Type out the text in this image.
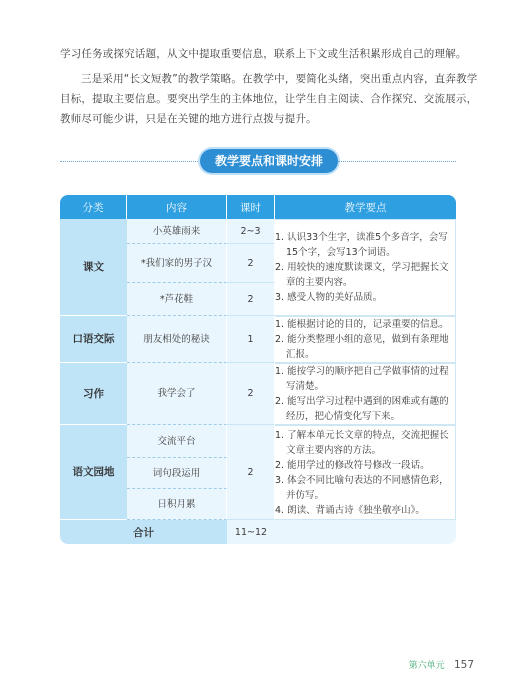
学习任务或探究话题，从文中提取重要信息，联系上下文或生活积累形成自己的理解。
三是采用“长文短教”的教学策略。在教学中，要简化头绪，突出重点内容，直奔教学目标，提取主要信息。要突出学生的主体地位，让学生自主阅读、合作探究、交流展示，教师尽可能少讲，只是在关键的地方进行点拨与提升。
教学要点和课时安排
分类	内容	课时	教学要点
课文	小英雄雨来	2~3	1. 认识33个生字，读准5个多音字，会写15个字，会写13个词语。
2. 用较快的速度默读课文，学习把握长文章的主要内容。
3. 感受人物的美好品质。

	*我们家的男子汉	2	
	*芦花鞋	2	
口语交际	朋友相处的秘诀	1	1. 能根据讨论的目的，记录重要的信息。
2. 能分类整理小组的意见，做到有条理地汇报。

习作	我学会了	2	1. 能按学习的顺序把自己学做事情的过程写清楚。
2. 能写出学习过程中遇到的困难或有趣的经历，把心情变化写下来。

语文园地	交流平台	2	1. 了解本单元长文章的特点，交流把握长文章主要内容的方法。
2. 能用学过的修改符号修改一段话。
3. 体会不同比喻句表达的不同感情色彩，并仿写。
4. 朗读、背诵古诗《独坐敬亭山》。

	词句段运用		
	日积月累		
合计		11~12	
第六单元 157
